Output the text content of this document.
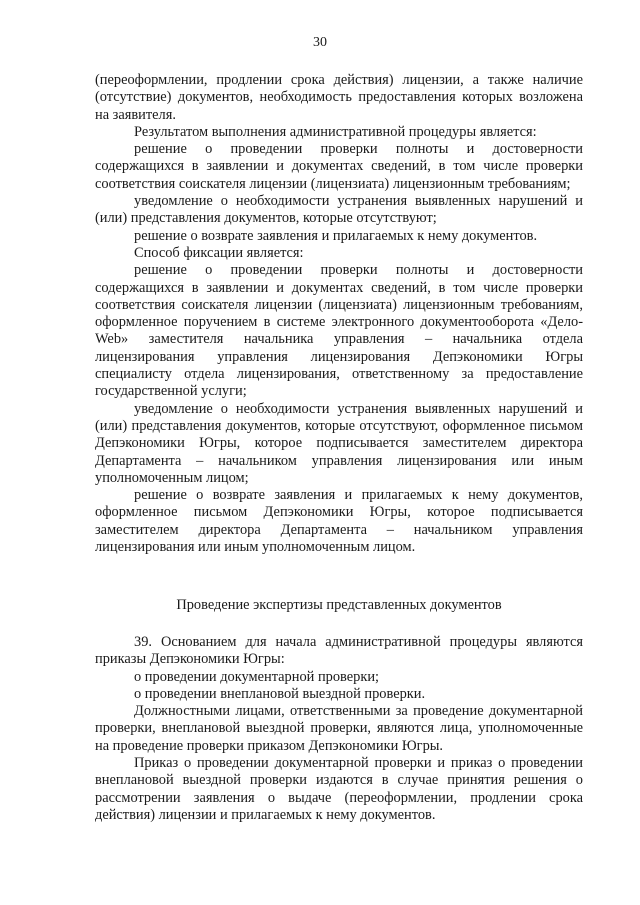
30

(переоформлении, продлении срока действия) лицензии, а также наличие (отсутствие) документов, необходимость предоставления которых возложена на заявителя.

Результатом выполнения административной процедуры является:

решение о проведении проверки полноты и достоверности содержащихся в заявлении и документах сведений, в том числе проверки соответствия соискателя лицензии (лицензиата) лицензионным требованиям;

уведомление о необходимости устранения выявленных нарушений и (или) представления документов, которые отсутствуют;

решение о возврате заявления и прилагаемых к нему документов.

Способ фиксации является:

решение о проведении проверки полноты и достоверности содержащихся в заявлении и документах сведений, в том числе проверки соответствия соискателя лицензии (лицензиата) лицензионным требованиям, оформленное поручением в системе электронного документооборота «Дело-Web» заместителя начальника управления – начальника отдела лицензирования управления лицензирования Депэкономики Югры специалисту отдела лицензирования, ответственному за предоставление государственной услуги;

уведомление о необходимости устранения выявленных нарушений и (или) представления документов, которые отсутствуют, оформленное письмом Депэкономики Югры, которое подписывается заместителем директора Департамента – начальником управления лицензирования или иным уполномоченным лицом;

решение о возврате заявления и прилагаемых к нему документов, оформленное письмом Депэкономики Югры, которое подписывается заместителем директора Департамента – начальником управления лицензирования или иным уполномоченным лицом.

Проведение экспертизы представленных документов

39. Основанием для начала административной процедуры являются приказы Депэкономики Югры:

о проведении документарной проверки;

о проведении внеплановой выездной проверки.

Должностными лицами, ответственными за проведение документарной проверки, внеплановой выездной проверки, являются лица, уполномоченные на проведение проверки приказом Депэкономики Югры.

Приказ о проведении документарной проверки и приказ о проведении внеплановой выездной проверки издаются в случае принятия решения о рассмотрении заявления о выдаче (переоформлении, продлении срока действия) лицензии и прилагаемых к нему документов.
